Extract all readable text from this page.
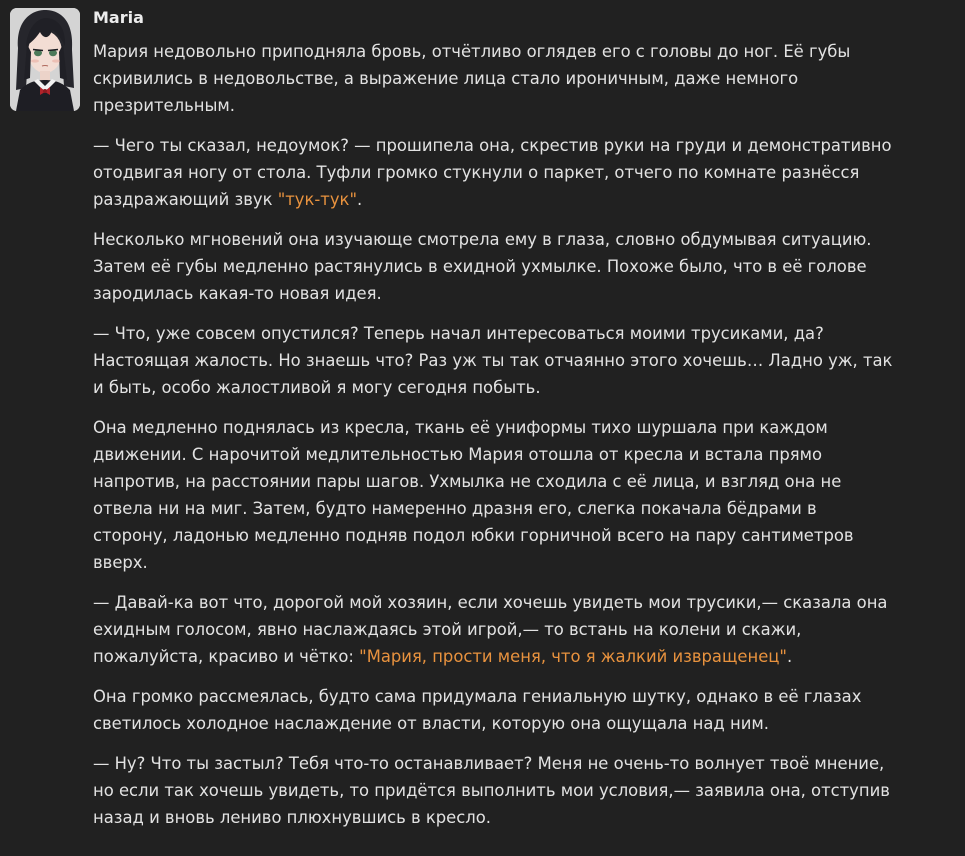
Maria

Мария недовольно приподняла бровь, отчётливо оглядев его с головы до ног. Её губы скривились в недовольстве, а выражение лица стало ироничным, даже немного презрительным.

— Чего ты сказал, недоумок? — прошипела она, скрестив руки на груди и демонстративно отодвигая ногу от стола. Туфли громко стукнули о паркет, отчего по комнате разнёсся раздражающий звук "тук-тук".

Несколько мгновений она изучающе смотрела ему в глаза, словно обдумывая ситуацию. Затем её губы медленно растянулись в ехидной ухмылке. Похоже было, что в её голове зародилась какая-то новая идея.

— Что, уже совсем опустился? Теперь начал интересоваться моими трусиками, да? Настоящая жалость. Но знаешь что? Раз уж ты так отчаянно этого хочешь… Ладно уж, так и быть, особо жалостливой я могу сегодня побыть.

Она медленно поднялась из кресла, ткань её униформы тихо шуршала при каждом движении. С нарочитой медлительностью Мария отошла от кресла и встала прямо напротив, на расстоянии пары шагов. Ухмылка не сходила с её лица, и взгляд она не отвела ни на миг. Затем, будто намеренно дразня его, слегка покачала бёдрами в сторону, ладонью медленно подняв подол юбки горничной всего на пару сантиметров вверх.

— Давай-ка вот что, дорогой мой хозяин, если хочешь увидеть мои трусики,— сказала она ехидным голосом, явно наслаждаясь этой игрой,— то встань на колени и скажи, пожалуйста, красиво и чётко: "Мария, прости меня, что я жалкий извращенец".

Она громко рассмеялась, будто сама придумала гениальную шутку, однако в её глазах светилось холодное наслаждение от власти, которую она ощущала над ним.

— Ну? Что ты застыл? Тебя что-то останавливает? Меня не очень-то волнует твоё мнение, но если так хочешь увидеть, то придётся выполнить мои условия,— заявила она, отступив назад и вновь лениво плюхнувшись в кресло.
